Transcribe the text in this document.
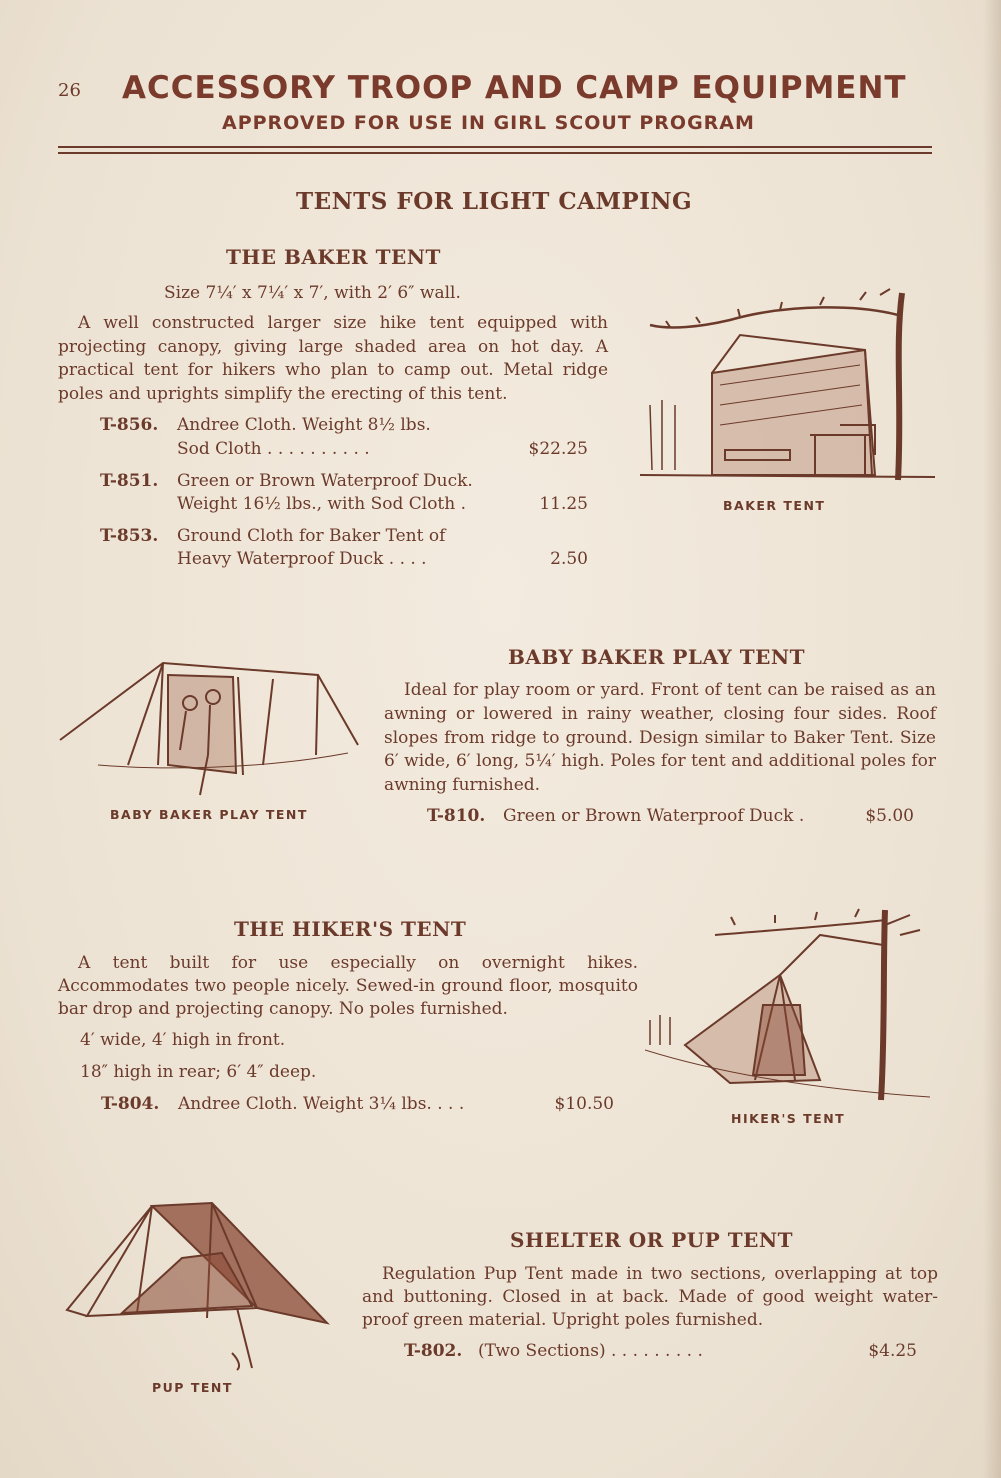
26 ACCESSORY TROOP AND CAMP EQUIPMENT
APPROVED FOR USE IN GIRL SCOUT PROGRAM
TENTS FOR LIGHT CAMPING
THE BAKER TENT
Size 7¼′ x 7¼′ x 7′, with 2′ 6″ wall.
A well constructed larger size hike tent equipped with projecting canopy, giving large shaded area on hot day. A practical tent for hikers who plan to camp out. Metal ridge poles and uprights simplify the erecting of this tent.
T-856. Andree Cloth. Weight 8½ lbs.
Sod Cloth . . . . . . . . . .	$22.25
T-851. Green or Brown Waterproof Duck.
Weight 16½ lbs., with Sod Cloth .	11.25
T-853. Ground Cloth for Baker Tent of
Heavy Waterproof Duck . . . .	2.50
BAKER TENT
BABY BAKER PLAY TENT
Ideal for play room or yard. Front of tent can be raised as an awning or lowered in rainy weather, closing four sides. Roof slopes from ridge to ground. Design similar to Baker Tent. Size 6′ wide, 6′ long, 5¼′ high. Poles for tent and additional poles for awning furnished.
T-810. Green or Brown Waterproof Duck .	$5.00
BABY BAKER PLAY TENT
THE HIKER'S TENT
A tent built for use especially on overnight hikes. Accommodates two people nicely. Sewed-in ground floor, mosquito bar drop and projecting canopy. No poles furnished.
4′ wide, 4′ high in front.
18″ high in rear; 6′ 4″ deep.
T-804. Andree Cloth. Weight 3¼ lbs. . . .	$10.50
HIKER'S TENT
SHELTER OR PUP TENT
Regulation Pup Tent made in two sections, overlapping at top and buttoning. Closed in at back. Made of good weight water-proof green material. Upright poles furnished.
T-802. (Two Sections) . . . . . . . . .	$4.25
PUP TENT
